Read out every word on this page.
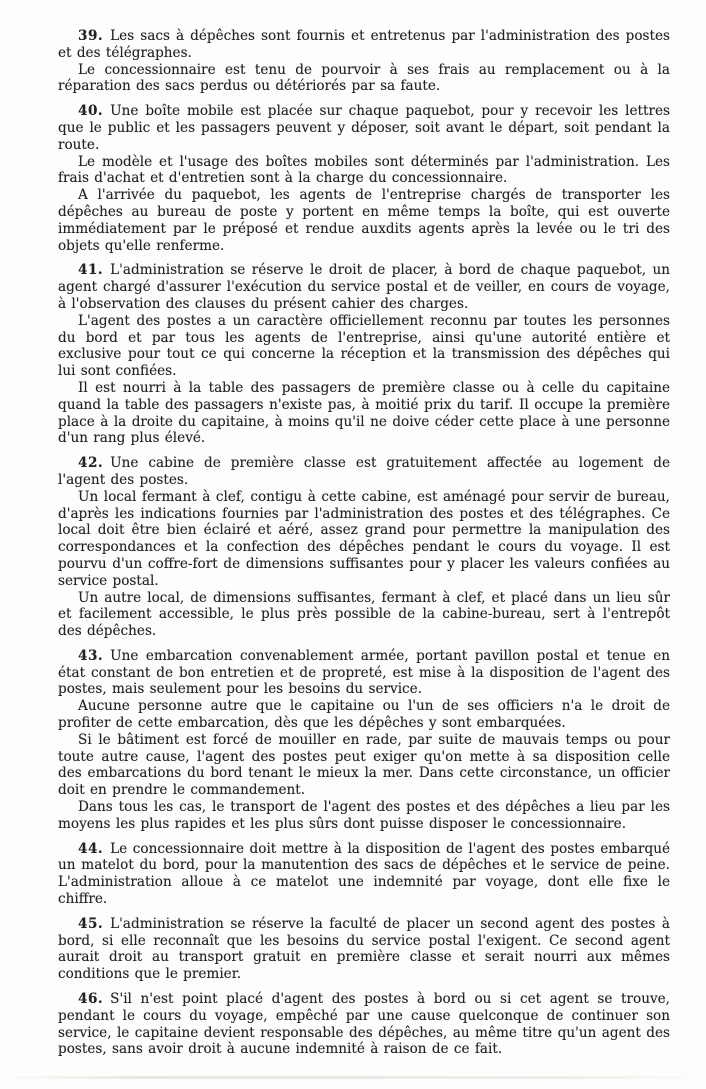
39. Les sacs à dépêches sont fournis et entretenus par l'administration des postes et des télégraphes.

Le concessionnaire est tenu de pourvoir à ses frais au remplacement ou à la réparation des sacs perdus ou détériorés par sa faute.

40. Une boîte mobile est placée sur chaque paquebot, pour y recevoir les lettres que le public et les passagers peuvent y déposer, soit avant le départ, soit pendant la route.

Le modèle et l'usage des boîtes mobiles sont déterminés par l'administration. Les frais d'achat et d'entretien sont à la charge du concessionnaire.

A l'arrivée du paquebot, les agents de l'entreprise chargés de transporter les dépêches au bureau de poste y portent en même temps la boîte, qui est ouverte immédiatement par le préposé et rendue auxdits agents après la levée ou le tri des objets qu'elle renferme.

41. L'administration se réserve le droit de placer, à bord de chaque paquebot, un agent chargé d'assurer l'exécution du service postal et de veiller, en cours de voyage, à l'observation des clauses du présent cahier des charges.

L'agent des postes a un caractère officiellement reconnu par toutes les personnes du bord et par tous les agents de l'entreprise, ainsi qu'une autorité entière et exclusive pour tout ce qui concerne la réception et la transmission des dépêches qui lui sont confiées.

Il est nourri à la table des passagers de première classe ou à celle du capitaine quand la table des passagers n'existe pas, à moitié prix du tarif. Il occupe la première place à la droite du capitaine, à moins qu'il ne doive céder cette place à une personne d'un rang plus élevé.

42. Une cabine de première classe est gratuitement affectée au logement de l'agent des postes.

Un local fermant à clef, contigu à cette cabine, est aménagé pour servir de bureau, d'après les indications fournies par l'administration des postes et des télégraphes. Ce local doit être bien éclairé et aéré, assez grand pour permettre la manipulation des correspondances et la confection des dépêches pendant le cours du voyage. Il est pourvu d'un coffre-fort de dimensions suffisantes pour y placer les valeurs confiées au service postal.

Un autre local, de dimensions suffisantes, fermant à clef, et placé dans un lieu sûr et facilement accessible, le plus près possible de la cabine-bureau, sert à l'entrepôt des dépêches.

43. Une embarcation convenablement armée, portant pavillon postal et tenue en état constant de bon entretien et de propreté, est mise à la disposition de l'agent des postes, mais seulement pour les besoins du service.

Aucune personne autre que le capitaine ou l'un de ses officiers n'a le droit de profiter de cette embarcation, dès que les dépêches y sont embarquées.

Si le bâtiment est forcé de mouiller en rade, par suite de mauvais temps ou pour toute autre cause, l'agent des postes peut exiger qu'on mette à sa disposition celle des embarcations du bord tenant le mieux la mer. Dans cette circonstance, un officier doit en prendre le commandement.

Dans tous les cas, le transport de l'agent des postes et des dépêches a lieu par les moyens les plus rapides et les plus sûrs dont puisse disposer le concessionnaire.

44. Le concessionnaire doit mettre à la disposition de l'agent des postes embarqué un matelot du bord, pour la manutention des sacs de dépêches et le service de peine. L'administration alloue à ce matelot une indemnité par voyage, dont elle fixe le chiffre.

45. L'administration se réserve la faculté de placer un second agent des postes à bord, si elle reconnaît que les besoins du service postal l'exigent. Ce second agent aurait droit au transport gratuit en première classe et serait nourri aux mêmes conditions que le premier.

46. S'il n'est point placé d'agent des postes à bord ou si cet agent se trouve, pendant le cours du voyage, empêché par une cause quelconque de continuer son service, le capitaine devient responsable des dépêches, au même titre qu'un agent des postes, sans avoir droit à aucune indemnité à raison de ce fait.
